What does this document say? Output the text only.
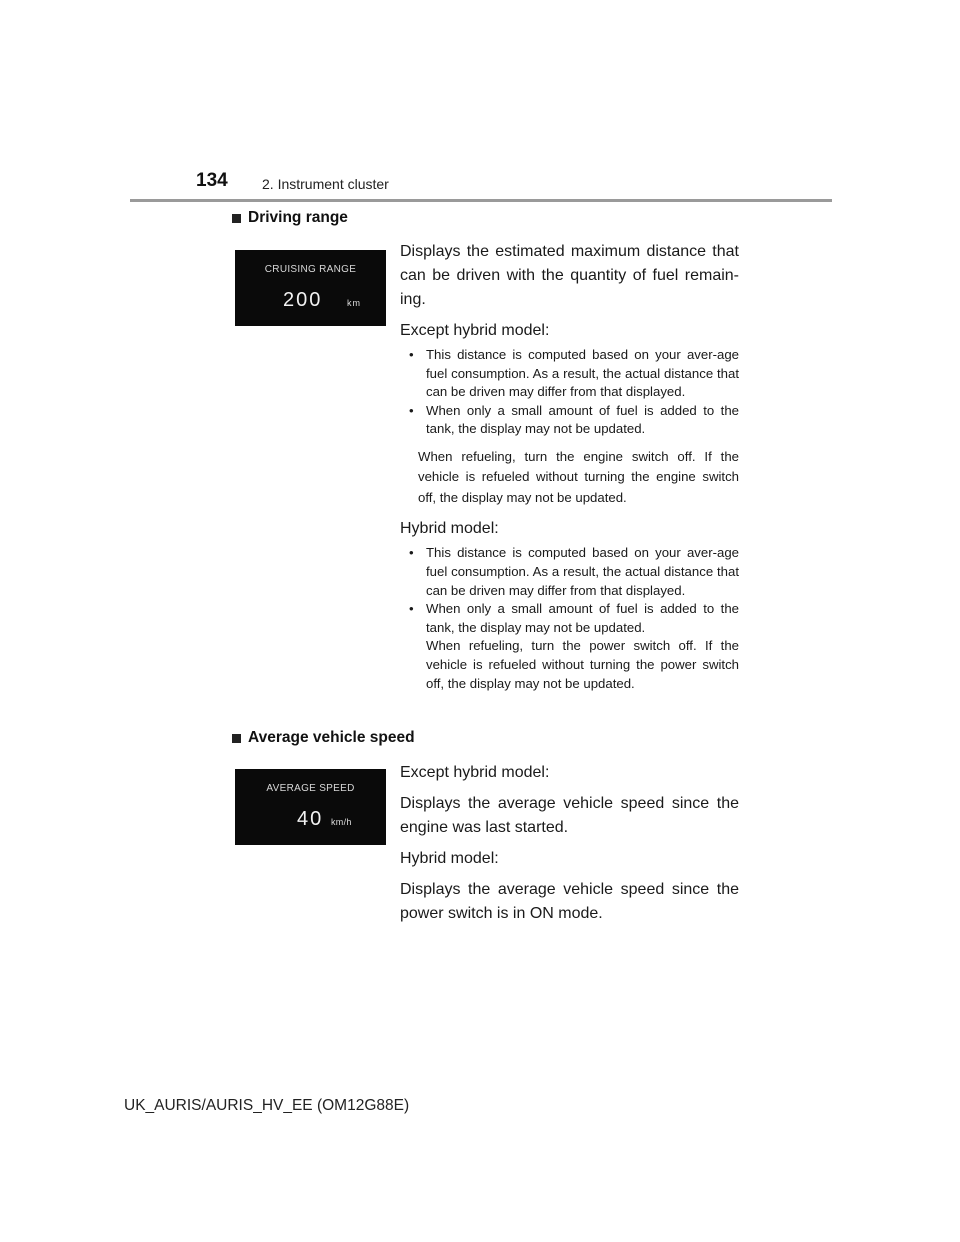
134 2. Instrument cluster
Driving range
CRUISING RANGE
200	km

Displays the estimated maximum distance that can be driven with the quantity of fuel remain-ing.

Except hybrid model:

• This distance is computed based on your aver-age fuel consumption. As a result, the actual distance that can be driven may differ from that displayed.
• When only a small amount of fuel is added to the tank, the display may not be updated.

When refueling, turn the engine switch off. If the vehicle is refueled without turning the engine switch off, the display may not be updated.

Hybrid model:

• This distance is computed based on your aver-age fuel consumption. As a result, the actual distance that can be driven may differ from that displayed.
• When only a small amount of fuel is added to the tank, the display may not be updated.

When refueling, turn the power switch off. If the vehicle is refueled without turning the power switch off, the display may not be updated.

Average vehicle speed
AVERAGE SPEED
40 km/h

Except hybrid model:

Displays the average vehicle speed since the engine was last started.

Hybrid model:

Displays the average vehicle speed since the power switch is in ON mode.

UK_AURIS/AURIS_HV_EE (OM12G88E)
